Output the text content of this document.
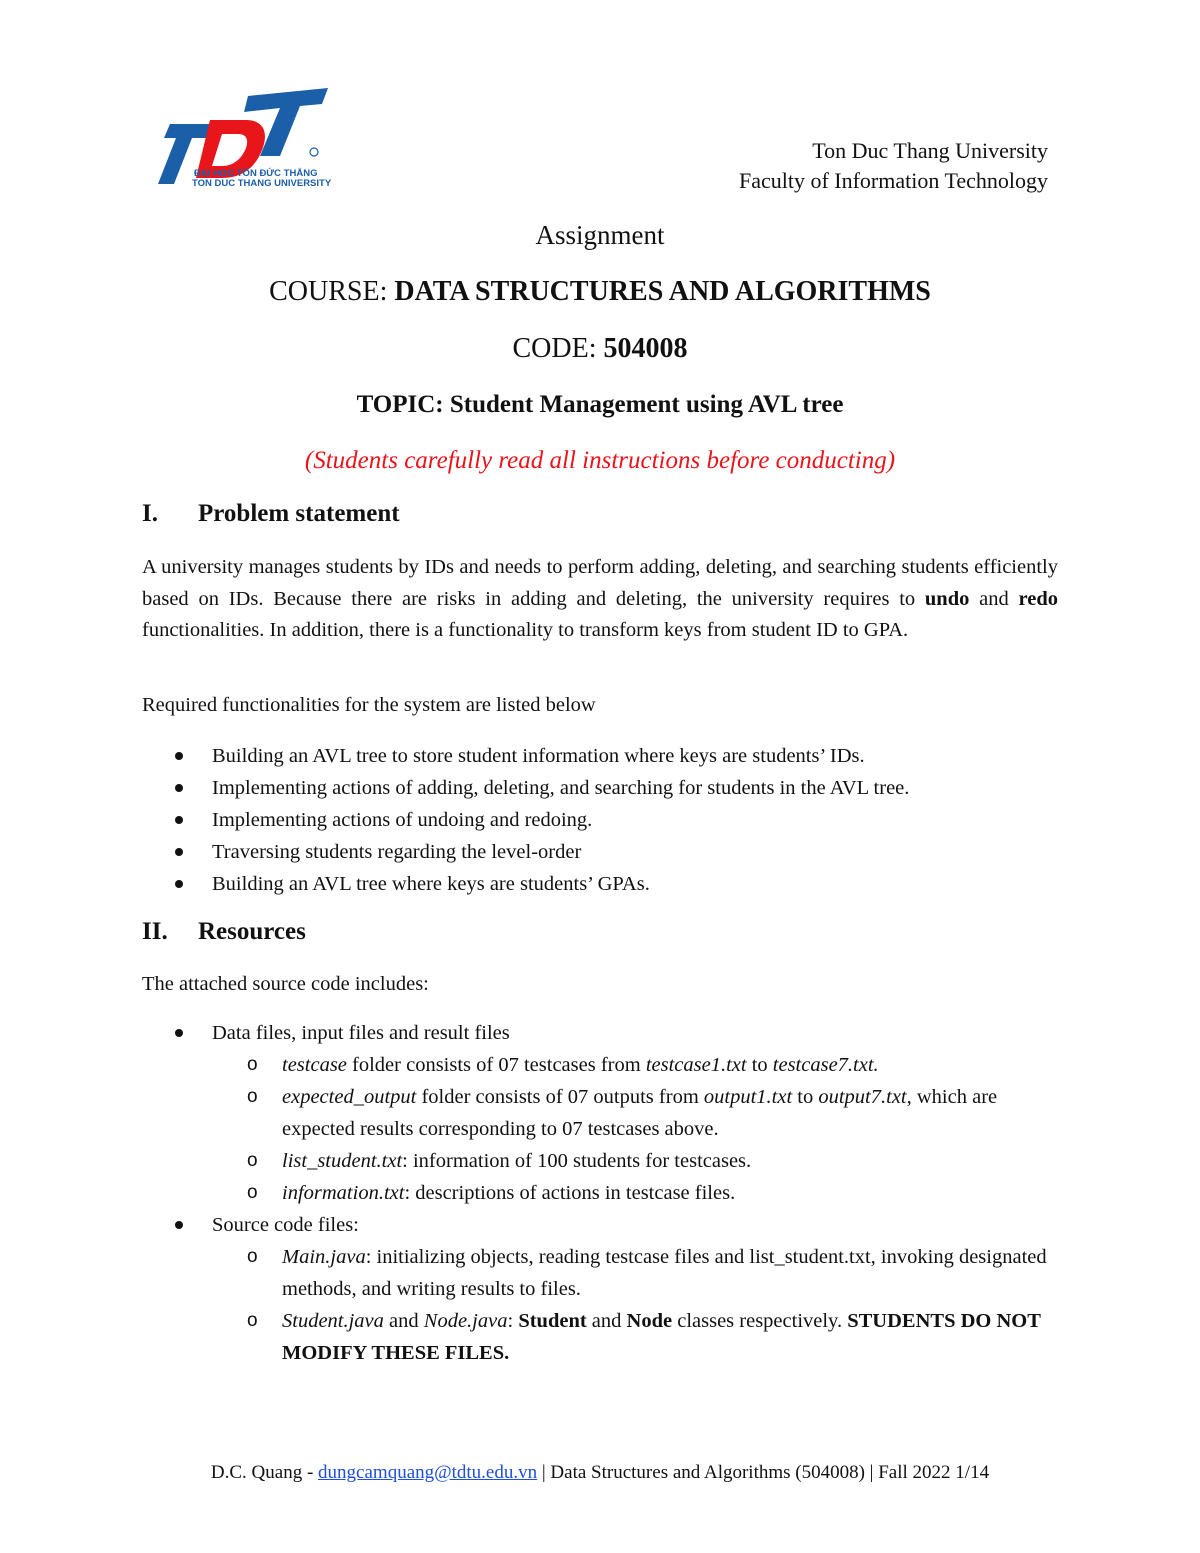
ĐẠI HỌC TÔN ĐỨC THẮNG
TON DUC THANG UNIVERSITY
Ton Duc Thang University
Faculty of Information Technology
Assignment
COURSE: DATA STRUCTURES AND ALGORITHMS
CODE: 504008
TOPIC: Student Management using AVL tree
(Students carefully read all instructions before conducting)
I. Problem statement
A university manages students by IDs and needs to perform adding, deleting, and searching students efficiently based on IDs. Because there are risks in adding and deleting, the university requires to undo and redo functionalities. In addition, there is a functionality to transform keys from student ID to GPA.
Required functionalities for the system are listed below
Building an AVL tree to store student information where keys are students’ IDs.
Implementing actions of adding, deleting, and searching for students in the AVL tree.
Implementing actions of undoing and redoing.
Traversing students regarding the level-order
Building an AVL tree where keys are students’ GPAs.
II. Resources
The attached source code includes:
Data files, input files and result files
o testcase folder consists of 07 testcases from testcase1.txt to testcase7.txt.
o expected_output folder consists of 07 outputs from output1.txt to output7.txt, which are expected results corresponding to 07 testcases above.
o list_student.txt: information of 100 students for testcases.
o information.txt: descriptions of actions in testcase files.
Source code files:
o Main.java: initializing objects, reading testcase files and list_student.txt, invoking designated methods, and writing results to files.
o Student.java and Node.java: Student and Node classes respectively. STUDENTS DO NOT MODIFY THESE FILES.
D.C. Quang - dungcamquang@tdtu.edu.vn | Data Structures and Algorithms (504008) | Fall 2022 1/14
